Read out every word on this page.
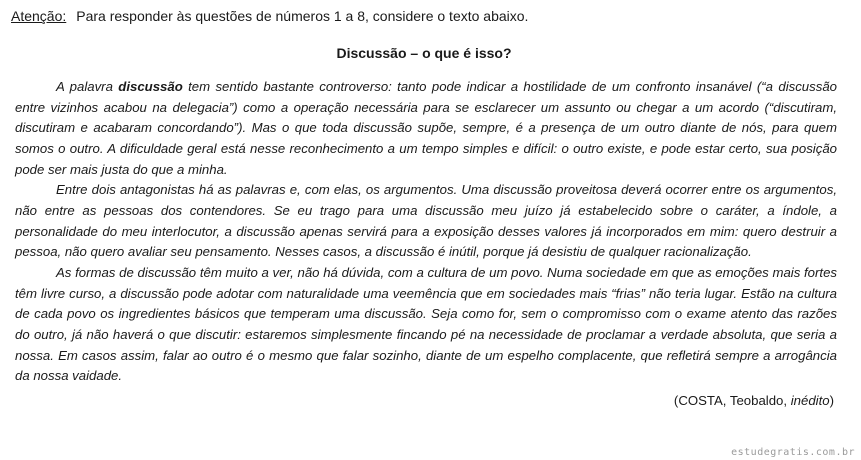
Atenção: Para responder às questões de números 1 a 8, considere o texto abaixo.

Discussão – o que é isso?

A palavra discussão tem sentido bastante controverso: tanto pode indicar a hostilidade de um confronto insanável (“a discussão entre vizinhos acabou na delegacia”) como a operação necessária para se esclarecer um assunto ou chegar a um acordo (“discutiram, discutiram e acabaram concordando”). Mas o que toda discussão supõe, sempre, é a presença de um outro diante de nós, para quem somos o outro. A dificuldade geral está nesse reconhecimento a um tempo simples e difícil: o outro existe, e pode estar certo, sua posição pode ser mais justa do que a minha.

Entre dois antagonistas há as palavras e, com elas, os argumentos. Uma discussão proveitosa deverá ocorrer entre os argumentos, não entre as pessoas dos contendores. Se eu trago para uma discussão meu juízo já estabelecido sobre o caráter, a índole, a personalidade do meu interlocutor, a discussão apenas servirá para a exposição desses valores já incorporados em mim: quero destruir a pessoa, não quero avaliar seu pensamento. Nesses casos, a discussão é inútil, porque já desistiu de qualquer racionalização.

As formas de discussão têm muito a ver, não há dúvida, com a cultura de um povo. Numa sociedade em que as emoções mais fortes têm livre curso, a discussão pode adotar com naturalidade uma veemência que em sociedades mais “frias” não teria lugar. Estão na cultura de cada povo os ingredientes básicos que temperam uma discussão. Seja como for, sem o compromisso com o exame atento das razões do outro, já não haverá o que discutir: estaremos simplesmente fincando pé na necessidade de proclamar a verdade absoluta, que seria a nossa. Em casos assim, falar ao outro é o mesmo que falar sozinho, diante de um espelho complacente, que refletirá sempre a arrogância da nossa vaidade.

(COSTA, Teobaldo, inédito)
estudegratis.com.br
